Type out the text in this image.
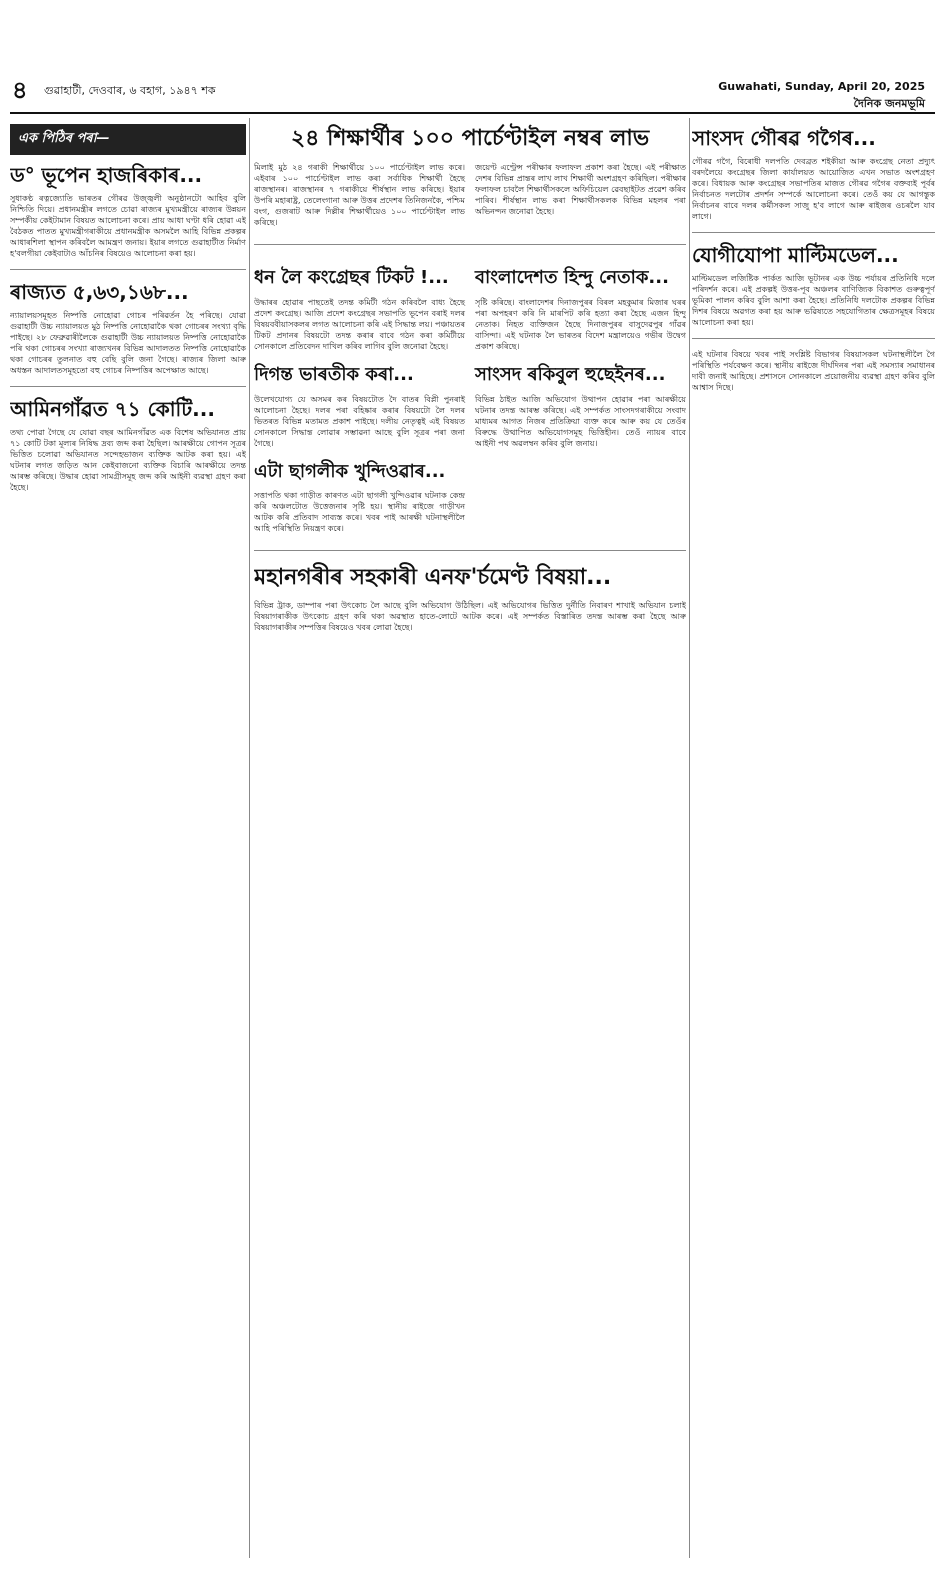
৪ গুৱাহাটী, দেওবাৰ, ৬ বহাগ, ১৯৪৭ শক	Guwahati, Sunday, April 20, 2025
দৈনিক জনমভূমি
এক পিঠিৰ পৰা—
ড° ভূপেন হাজৰিকাৰ...

সুধাকণ্ঠ ৰত্নজ্যোতি ভাৰতৰ গৌৰৱ উজ্জ্বলী অনুষ্ঠানটো আহিব বুলি নিশ্চিতি দিয়ে। প্ৰধানমন্ত্ৰীৰ লগতে চোৱা ৰাজ্যৰ মুখ্যমন্ত্ৰীয়ে ৰাজ্যৰ উন্নয়ন সম্পৰ্কীয় কেইটামান বিষয়ত আলোচনা কৰে। প্ৰায় আধা ঘণ্টা ধৰি হোৱা এই বৈঠকত পাতত মুখ্যমন্ত্ৰীগৰাকীয়ে প্ৰধানমন্ত্ৰীক অসমলৈ আহি বিভিন্ন প্ৰকল্পৰ আধাৰশিলা স্থাপন কৰিবলৈ আমন্ত্ৰণ জনায়। ইয়াৰ লগতে গুৱাহাটীত নিৰ্মাণ হ'বলগীয়া কেইবাটাও আঁচনিৰ বিষয়েও আলোচনা কৰা হয়।

ৰাজ্যত ৫,৬৩,১৬৮...

ন্যায়ালয়সমূহত নিষ্পত্তি নোহোৱা গোচৰ পৰিৱৰ্তন হৈ পৰিছে। যোৱা গুৱাহাটী উচ্চ ন্যায়ালয়ত মুঠ নিষ্পত্তি নোহোৱাকৈ থকা গোচৰৰ সংখ্যা বৃদ্ধি পাইছে। ২৮ ফেব্ৰুৱাৰীলৈকে গুৱাহাটী উচ্চ ন্যায়ালয়ত নিষ্পত্তি নোহোৱাকৈ পৰি থকা গোচৰৰ সংখ্যা ৰাজ্যখনৰ বিভিন্ন আদালতত নিষ্পত্তি নোহোৱাকৈ থকা গোচৰৰ তুলনাত বহু বেছি বুলি জনা গৈছে। ৰাজ্যৰ জিলা আৰু অধস্তন আদালতসমূহতো বহু গোচৰ নিষ্পত্তিৰ অপেক্ষাত আছে।

আমিনগাঁৱত ৭১ কোটি...

তথ্য পোৱা গৈছে যে যোৱা বছৰ আমিনগাঁৱত এক বিশেষ অভিযানত প্ৰায় ৭১ কোটি টকা মূল্যৰ নিষিদ্ধ দ্ৰব্য জব্দ কৰা হৈছিল। আৰক্ষীয়ে গোপন সূত্ৰৰ ভিত্তিত চলোৱা অভিযানত সন্দেহভাজন ব্যক্তিক আটক কৰা হয়। এই ঘটনাৰ লগত জড়িত আন কেইবাজনো ব্যক্তিক বিচাৰি আৰক্ষীয়ে তদন্ত আৰম্ভ কৰিছে। উদ্ধাৰ হোৱা সামগ্ৰীসমূহ জব্দ কৰি আইনী ব্যৱস্থা গ্ৰহণ কৰা হৈছে।

২৪ শিক্ষাৰ্থীৰ ১০০ পাৰ্চেণ্টাইল নম্বৰ লাভ

মিলাই মুঠ ২৪ গৰাকী শিক্ষাৰ্থীয়ে ১০০ পাৰ্চেণ্টাইল লাভ কৰে। এইবাৰ ১০০ পাৰ্চেণ্টাইল লাভ কৰা সৰ্বাধিক শিক্ষাৰ্থী হৈছে ৰাজস্থানৰ। ৰাজস্থানৰ ৭ গৰাকীয়ে শীৰ্ষস্থান লাভ কৰিছে। ইয়াৰ উপৰি মহাৰাষ্ট্ৰ, তেলেংগানা আৰু উত্তৰ প্ৰদেশৰ তিনিজনকৈ, পশ্চিম বংগ, গুজৰাট আৰু দিল্লীৰ শিক্ষাৰ্থীয়েও ১০০ পাৰ্চেণ্টাইল লাভ কৰিছে।

জয়েণ্ট এণ্ট্ৰেন্স পৰীক্ষাৰ ফলাফল প্ৰকাশ কৰা হৈছে। এই পৰীক্ষাত দেশৰ বিভিন্ন প্ৰান্তৰ লাখ লাখ শিক্ষাৰ্থী অংশগ্ৰহণ কৰিছিল। পৰীক্ষাৰ ফলাফল চাবলৈ শিক্ষাৰ্থীসকলে অফিচিয়েল ৱেবছাইটত প্ৰৱেশ কৰিব পাৰিব। শীৰ্ষস্থান লাভ কৰা শিক্ষাৰ্থীসকলক বিভিন্ন মহলৰ পৰা অভিনন্দন জনোৱা হৈছে।

ধন লৈ কংগ্ৰেছৰ টিকট !...

উদ্ধাৰৰ হোৱাৰ পাছতেই তদন্ত কমিটী গঠন কৰিবলৈ বাধ্য হৈছে প্ৰদেশ কংগ্ৰেছ। আজি প্ৰদেশ কংগ্ৰেছৰ সভাপতি ভূপেন বৰাই দলৰ বিষয়ববীয়াসকলৰ লগত আলোচনা কৰি এই সিদ্ধান্ত লয়। পঞ্চায়তৰ টিকট প্ৰদানৰ বিষয়টো তদন্ত কৰাৰ বাবে গঠন কৰা কমিটীয়ে সোনকালে প্ৰতিবেদন দাখিল কৰিব লাগিব বুলি জনোৱা হৈছে।

দিগন্ত ভাৰতীক কৰা...

উলেখযোগ্য যে অসমৰ কৰ বিষয়টোত দৈ বাতৰ বিপ্লী পুনৰাই আলোচনা হৈছে। দলৰ পৰা বহিষ্কাৰ কৰাৰ বিষয়টো লৈ দলৰ ভিতৰত বিভিন্ন মতামত প্ৰকাশ পাইছে। দলীয় নেতৃত্বই এই বিষয়ত সোনকালে সিদ্ধান্ত লোৱাৰ সম্ভাৱনা আছে বুলি সূত্ৰৰ পৰা জনা গৈছে।

এটা ছাগলীক খুন্দিওৱাৰ...

সত্তাপতি থকা গাড়ীত কাৰণত এটা ছাগলী খুন্দিওৱাৰ ঘটনাক কেন্দ্ৰ কৰি অঞ্চলটোত উত্তেজনাৰ সৃষ্টি হয়। স্থানীয় ৰাইজে গাড়ীখন আটক কৰি প্ৰতিবাদ সাব্যস্ত কৰে। খবৰ পাই আৰক্ষী ঘটনাস্থলীলৈ আহি পৰিস্থিতি নিয়ন্ত্ৰণ কৰে।

বাংলাদেশত হিন্দু নেতাক...

সৃষ্টি কৰিছে। বাংলাদেশৰ দিনাজপুৰৰ বিৰল মহকুমাৰ মিজাৰ ঘৰৰ পৰা অপহৰণ কৰি নি মাৰপিট কৰি হত্যা কৰা হৈছে এজন হিন্দু নেতাক। নিহত ব্যক্তিজন হৈছে দিনাজপুৰৰ বাসুদেৱপুৰ গাঁৱৰ বাসিন্দা। এই ঘটনাক লৈ ভাৰতৰ বিদেশ মন্ত্ৰালয়েও গভীৰ উদ্বেগ প্ৰকাশ কৰিছে।

সাংসদ ৰকিবুল হুছেইনৰ...

বিভিন্ন ঠাইত আজি অভিযোগ উত্থাপন হোৱাৰ পৰা আৰক্ষীয়ে ঘটনাৰ তদন্ত আৰম্ভ কৰিছে। এই সম্পৰ্কত সাংসদগৰাকীয়ে সংবাদ মাধ্যমৰ আগত নিজৰ প্ৰতিক্ৰিয়া ব্যক্ত কৰে আৰু কয় যে তেওঁৰ বিৰুদ্ধে উত্থাপিত অভিযোগসমূহ ভিত্তিহীন। তেওঁ ন্যায়ৰ বাবে আইনী পথ অৱলম্বন কৰিব বুলি জনায়।

মহানগৰীৰ সহকাৰী এনফ'ৰ্চমেণ্ট বিষয়া...

বিভিন্ন ট্ৰাক, ডাম্পাৰ পৰা উৎকোচ লৈ আছে বুলি অভিযোগ উঠিছিল। এই অভিযোগৰ ভিত্তিত দুৰ্নীতি নিবাৰণ শাখাই অভিযান চলাই বিষয়াগৰাকীক উৎকোচ গ্ৰহণ কৰি থকা অৱস্থাত হাতে-লোটে আটক কৰে। এই সম্পৰ্কত বিস্তাৰিত তদন্ত আৰম্ভ কৰা হৈছে আৰু বিষয়াগৰাকীৰ সম্পত্তিৰ বিষয়েও খবৰ লোৱা হৈছে।

সাংসদ গৌৰৱ গগৈৰ...

গৌৰৱ গগৈ, বিৰোধী দলপতি দেবব্ৰত শইকীয়া আৰু কংগ্ৰেছ নেতা প্ৰদ্যুৎ বৰদলৈয়ে কংগ্ৰেছৰ জিলা কাৰ্যালয়ত আয়োজিত এখন সভাত অংশগ্ৰহণ কৰে। বিধায়ক আৰু কংগ্ৰেছৰ সভাপতিৰ মাজত গৌৰৱ গগৈৰ বক্তব্যই পূৰ্বৰ নিৰ্বাচনত দলটোৰ প্ৰদৰ্শন সম্পৰ্কে আলোচনা কৰে। তেওঁ কয় যে আগন্তুক নিৰ্বাচনৰ বাবে দলৰ কৰ্মীসকল সাজু হ'ব লাগে আৰু ৰাইজৰ ওচৰলৈ যাব লাগে।

যোগীযোপা মাল্টিমডেল...

মাল্টিমডেল লজিষ্টিক পাৰ্কত আজি ভূটানৰ এক উচ্চ পৰ্যায়ৰ প্ৰতিনিধি দলে পৰিদৰ্শন কৰে। এই প্ৰকল্পই উত্তৰ-পূব অঞ্চলৰ বাণিজ্যিক বিকাশত গুৰুত্বপূৰ্ণ ভূমিকা পালন কৰিব বুলি আশা কৰা হৈছে। প্ৰতিনিধি দলটোক প্ৰকল্পৰ বিভিন্ন দিশৰ বিষয়ে অৱগত কৰা হয় আৰু ভৱিষ্যতে সহযোগিতাৰ ক্ষেত্ৰসমূহৰ বিষয়ে আলোচনা কৰা হয়।

এই ঘটনাৰ বিষয়ে খবৰ পাই সংশ্লিষ্ট বিভাগৰ বিষয়াসকল ঘটনাস্থলীলৈ গৈ পৰিস্থিতি পৰ্যবেক্ষণ কৰে। স্থানীয় ৰাইজে দীৰ্ঘদিনৰ পৰা এই সমস্যাৰ সমাধানৰ দাবী জনাই আহিছে। প্ৰশাসনে সোনকালে প্ৰয়োজনীয় ব্যৱস্থা গ্ৰহণ কৰিব বুলি আশ্বাস দিছে।
